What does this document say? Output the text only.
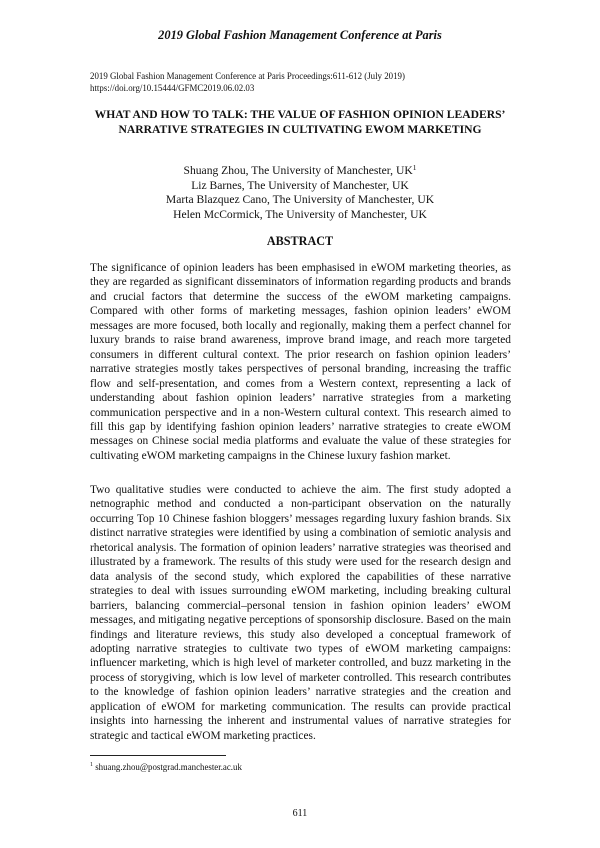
2019 Global Fashion Management Conference at Paris
2019 Global Fashion Management Conference at Paris Proceedings:611-612 (July 2019)
https://doi.org/10.15444/GFMC2019.06.02.03
WHAT AND HOW TO TALK: THE VALUE OF FASHION OPINION LEADERS’ NARRATIVE STRATEGIES IN CULTIVATING EWOM MARKETING
Shuang Zhou, The University of Manchester, $UK^1$
Liz Barnes, The University of Manchester, UK
Marta Blazquez Cano, The University of Manchester, UK
Helen McCormick, The University of Manchester, UK
ABSTRACT

The significance of opinion leaders has been emphasised in eWOM marketing theories, as they are regarded as significant disseminators of information regarding products and brands and crucial factors that determine the success of the eWOM marketing campaigns. Compared with other forms of marketing messages, fashion opinion leaders’ eWOM messages are more focused, both locally and regionally, making them a perfect channel for luxury brands to raise brand awareness, improve brand image, and reach more targeted consumers in different cultural context. The prior research on fashion opinion leaders’ narrative strategies mostly takes perspectives of personal branding, increasing the traffic flow and self-presentation, and comes from a Western context, representing a lack of understanding about fashion opinion leaders’ narrative strategies from a marketing communication perspective and in a non-Western cultural context. This research aimed to fill this gap by identifying fashion opinion leaders’ narrative strategies to create eWOM messages on Chinese social media platforms and evaluate the value of these strategies for cultivating eWOM marketing campaigns in the Chinese luxury fashion market.

Two qualitative studies were conducted to achieve the aim. The first study adopted a netnographic method and conducted a non-participant observation on the naturally occurring Top 10 Chinese fashion bloggers’ messages regarding luxury fashion brands. Six distinct narrative strategies were identified by using a combination of semiotic analysis and rhetorical analysis. The formation of opinion leaders’ narrative strategies was theorised and illustrated by a framework. The results of this study were used for the research design and data analysis of the second study, which explored the capabilities of these narrative strategies to deal with issues surrounding eWOM marketing, including breaking cultural barriers, balancing commercial–personal tension in fashion opinion leaders’ eWOM messages, and mitigating negative perceptions of sponsorship disclosure. Based on the main findings and literature reviews, this study also developed a conceptual framework of adopting narrative strategies to cultivate two types of eWOM marketing campaigns: influencer marketing, which is high level of marketer controlled, and buzz marketing in the process of storygiving, which is low level of marketer controlled. This research contributes to the knowledge of fashion opinion leaders’ narrative strategies and the creation and application of eWOM for marketing communication. The results can provide practical insights into harnessing the inherent and instrumental values of narrative strategies for strategic and tactical eWOM marketing practices.

$^1$ shuang.zhou@postgrad.manchester.ac.uk
611
